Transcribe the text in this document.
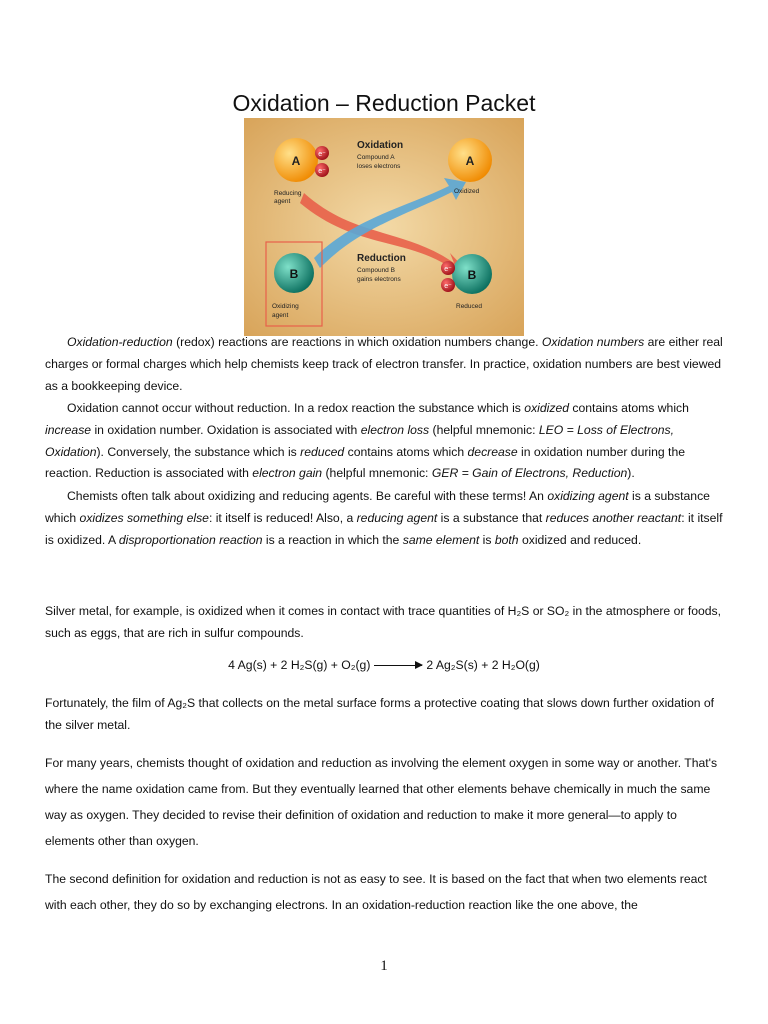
Oxidation – Reduction Packet
A	e⁻
e⁻
Reducing
agent
Oxidation
Compound A
loses electrons	A
Oxidized
B
Oxidizing
agent
Reduction
Compound B
gains electrons	B
e⁻
e⁻
Reduced
Oxidation-reduction (redox) reactions are reactions in which oxidation numbers change. Oxidation numbers are either real charges or formal charges which help chemists keep track of electron transfer. In practice, oxidation numbers are best viewed as a bookkeeping device.
Oxidation cannot occur without reduction. In a redox reaction the substance which is oxidized contains atoms which increase in oxidation number. Oxidation is associated with electron loss (helpful mnemonic: LEO = Loss of Electrons, Oxidation). Conversely, the substance which is reduced contains atoms which decrease in oxidation number during the reaction. Reduction is associated with electron gain (helpful mnemonic: GER = Gain of Electrons, Reduction).
Chemists often talk about oxidizing and reducing agents. Be careful with these terms! An oxidizing agent is a substance which oxidizes something else: it itself is reduced! Also, a reducing agent is a substance that reduces another reactant: it itself is oxidized. A disproportionation reaction is a reaction in which the same element is both oxidized and reduced.
Silver metal, for example, is oxidized when it comes in contact with trace quantities of H₂S or SO₂ in the atmosphere or foods, such as eggs, that are rich in sulfur compounds.
4 Ag(s) + 2 H₂S(g) + O₂(g) → 2 Ag₂S(s) + 2 H₂O(g)
Fortunately, the film of Ag₂S that collects on the metal surface forms a protective coating that slows down further oxidation of the silver metal.
For many years, chemists thought of oxidation and reduction as involving the element oxygen in some way or another. That's where the name oxidation came from. But they eventually learned that other elements behave chemically in much the same way as oxygen. They decided to revise their definition of oxidation and reduction to make it more general—to apply to elements other than oxygen.
The second definition for oxidation and reduction is not as easy to see. It is based on the fact that when two elements react with each other, they do so by exchanging electrons. In an oxidation-reduction reaction like the one above, the
1
